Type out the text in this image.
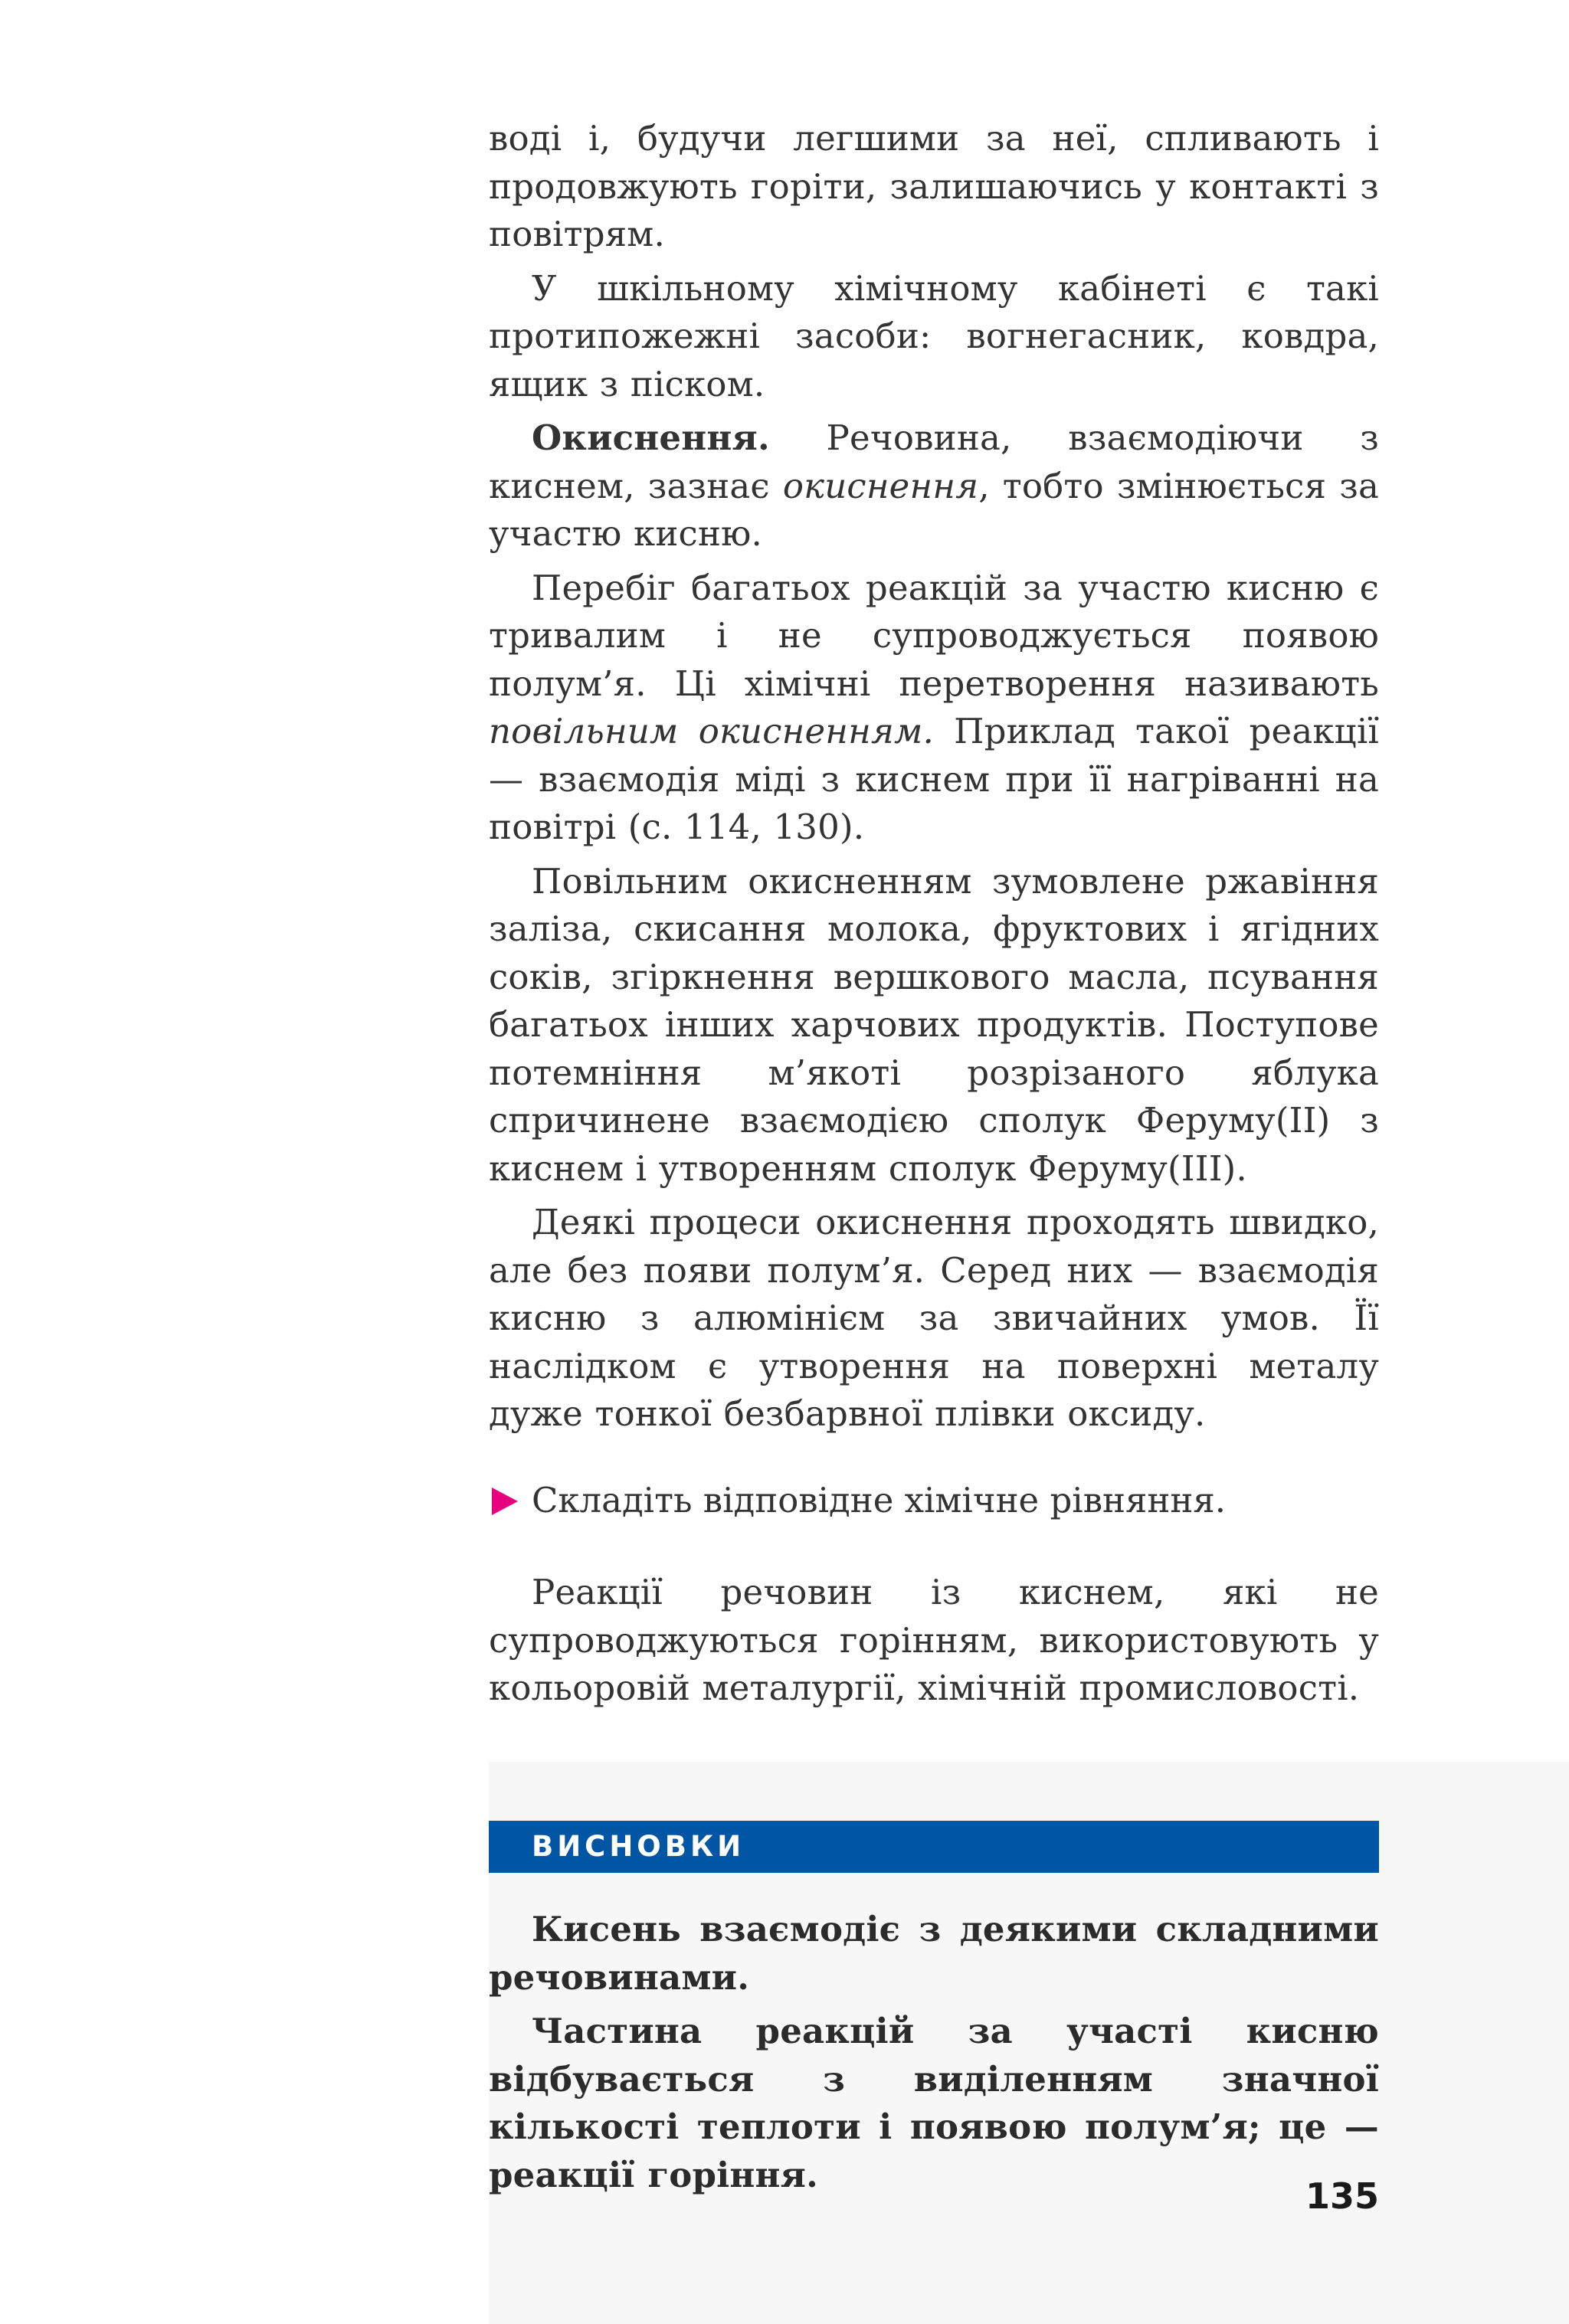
воді і, будучи легшими за неї, спливають і продовжують горіти, залишаючись у контакті з повітрям.

У шкільному хімічному кабінеті є такі протипожежні засоби: вогнегасник, ковдра, ящик з піском.

Окиснення. Речовина, взаємодіючи з киснем, зазнає окиснення, тобто змінюється за участю кисню.

Перебіг багатьох реакцій за участю кисню є тривалим і не супроводжується появою полум’я. Ці хімічні перетворення називають повільним окисненням. Приклад такої реакції — взаємодія міді з киснем при її нагріванні на повітрі (с. 114, 130).

Повільним окисненням зумовлене ржавіння заліза, скисання молока, фруктових і ягідних соків, згіркнення вершкового масла, псування багатьох інших харчових продуктів. Поступове потемніння м’якоті розрізаного яблука спричинене взаємодією сполук Феруму(ІІ) з киснем і утворенням сполук Феруму(ІІІ).

Деякі процеси окиснення проходять швидко, але без появи полум’я. Серед них — взаємодія кисню з алюмінієм за звичайних умов. Її наслідком є утворення на поверхні металу дуже тонкої безбарвної плівки оксиду.

Складіть відповідне хімічне рівняння.

Реакції речовин із киснем, які не супроводжуються горінням, використовують у кольоровій металургії, хімічній промисловості.

ВИСНОВКИ

Кисень взаємодіє з деякими складними речовинами.

Частина реакцій за участі кисню відбувається з виділенням значної кількості теплоти і появою полум’я; це — реакції горіння.

135
